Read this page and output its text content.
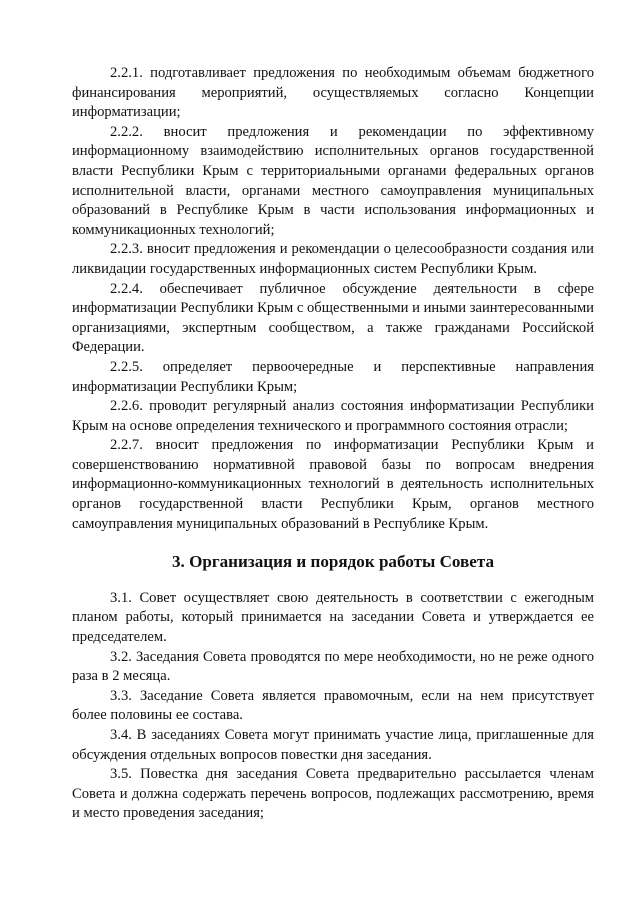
2.2.1. подготавливает предложения по необходимым объемам бюджетного финансирования мероприятий, осуществляемых согласно Концепции информатизации;

2.2.2. вносит предложения и рекомендации по эффективному информационному взаимодействию исполнительных органов государственной власти Республики Крым с территориальными органами федеральных органов исполнительной власти, органами местного самоуправления муниципальных образований в Республике Крым в части использования информационных и коммуникационных технологий;

2.2.3. вносит предложения и рекомендации о целесообразности создания или ликвидации государственных информационных систем Республики Крым.

2.2.4. обеспечивает публичное обсуждение деятельности в сфере информатизации Республики Крым с общественными и иными заинтересованными организациями, экспертным сообществом, а также гражданами Российской Федерации.

2.2.5. определяет первоочередные и перспективные направления информатизации Республики Крым;

2.2.6. проводит регулярный анализ состояния информатизации Республики Крым на основе определения технического и программного состояния отрасли;

2.2.7. вносит предложения по информатизации Республики Крым и совершенствованию нормативной правовой базы по вопросам внедрения информационно-коммуникационных технологий в деятельность исполнительных органов государственной власти Республики Крым, органов местного самоуправления муниципальных образований в Республике Крым.

3. Организация и порядок работы Совета

3.1. Совет осуществляет свою деятельность в соответствии с ежегодным планом работы, который принимается на заседании Совета и утверждается ее председателем.

3.2. Заседания Совета проводятся по мере необходимости, но не реже одного раза в 2 месяца.

3.3. Заседание Совета является правомочным, если на нем присутствует более половины ее состава.

3.4. В заседаниях Совета могут принимать участие лица, приглашенные для обсуждения отдельных вопросов повестки дня заседания.

3.5. Повестка дня заседания Совета предварительно рассылается членам Совета и должна содержать перечень вопросов, подлежащих рассмотрению, время и место проведения заседания;
